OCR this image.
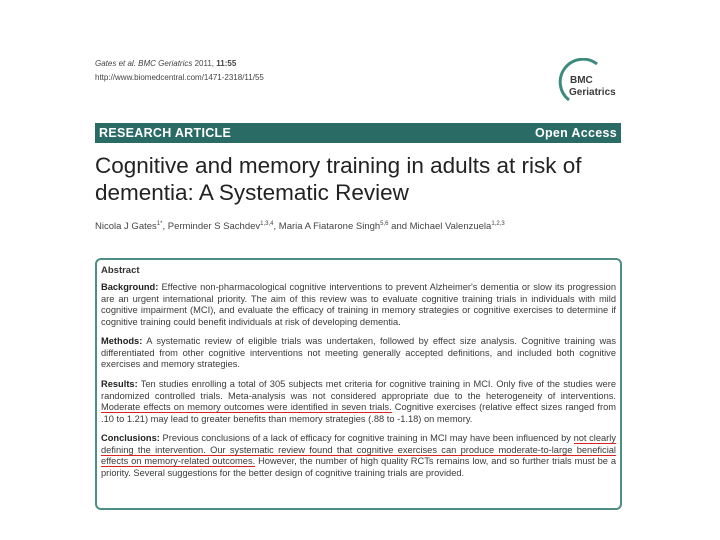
Gates et al. BMC Geriatrics 2011, 11:55
http://www.biomedcentral.com/1471-2318/11/55	BMC
Geriatrics
RESEARCH ARTICLE	Open Access
Cognitive and memory training in adults at risk of dementia: A Systematic Review
Nicola J Gates$^{1*}$, Perminder S Sachdev$^{1,3,4}$, Maria A Fiatarone Singh$^{5,6}$ and Michael Valenzuela$^{1,2,3}$
Abstract

Background: Effective non-pharmacological cognitive interventions to prevent Alzheimer's dementia or slow its progression are an urgent international priority. The aim of this review was to evaluate cognitive training trials in individuals with mild cognitive impairment (MCI), and evaluate the efficacy of training in memory strategies or cognitive exercises to determine if cognitive training could benefit individuals at risk of developing dementia.

Methods: A systematic review of eligible trials was undertaken, followed by effect size analysis. Cognitive training was differentiated from other cognitive interventions not meeting generally accepted definitions, and included both cognitive exercises and memory strategies.

Results: Ten studies enrolling a total of 305 subjects met criteria for cognitive training in MCI. Only five of the studies were randomized controlled trials. Meta-analysis was not considered appropriate due to the heterogeneity of interventions. Moderate effects on memory outcomes were identified in seven trials. Cognitive exercises (relative effect sizes ranged from .10 to 1.21) may lead to greater benefits than memory strategies (.88 to -1.18) on memory.

Conclusions: Previous conclusions of a lack of efficacy for cognitive training in MCI may have been influenced by not clearly defining the intervention. Our systematic review found that cognitive exercises can produce moderate-to-large beneficial effects on memory-related outcomes. However, the number of high quality RCTs remains low, and so further trials must be a priority. Several suggestions for the better design of cognitive training trials are provided.
